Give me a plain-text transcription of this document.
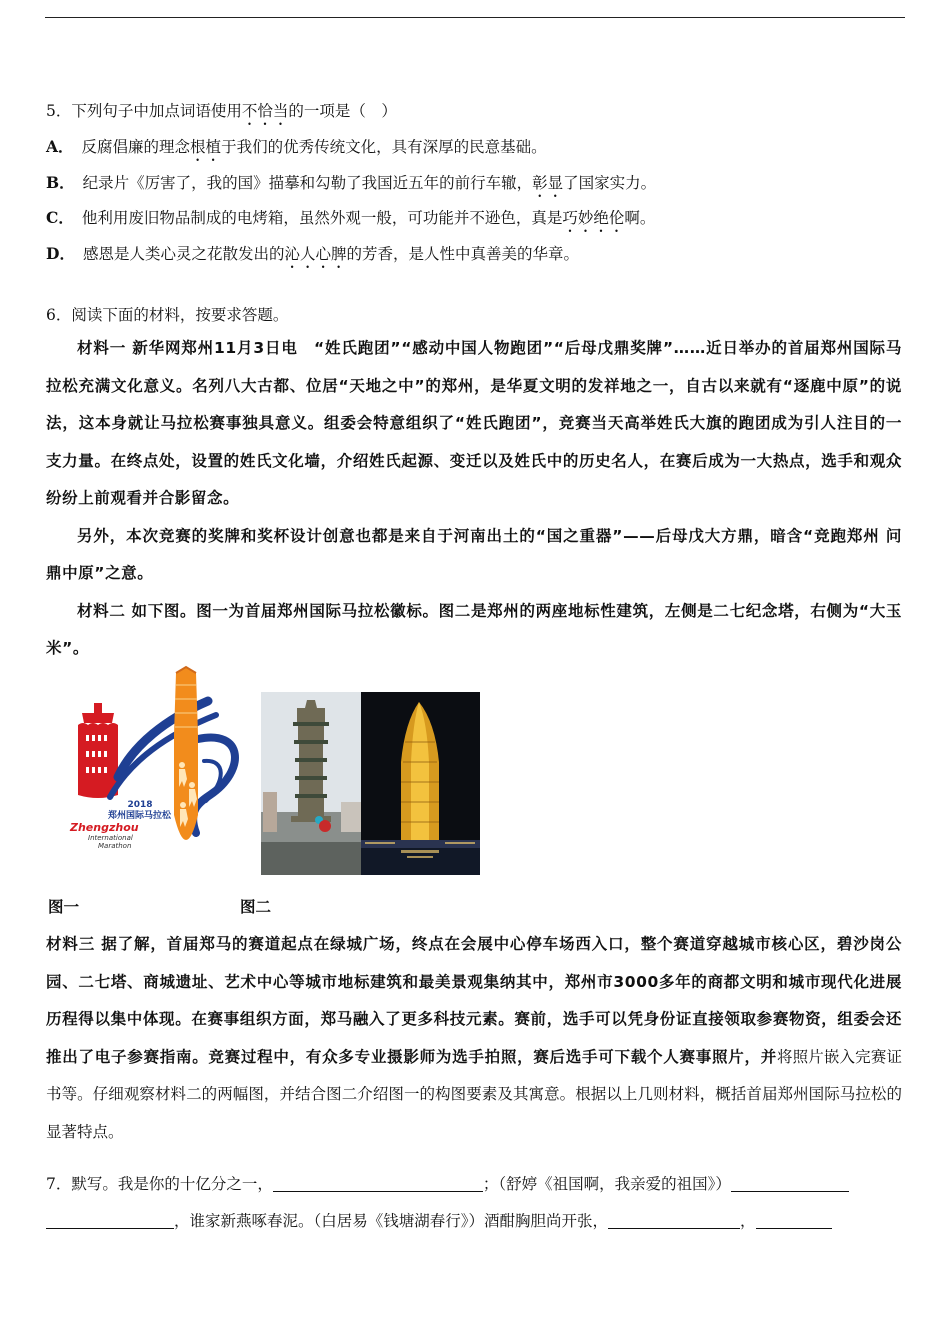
5．下列句子中加点词语使用不恰当的一项是（　）
A． 反腐倡廉的理念根植于我们的优秀传统文化，具有深厚的民意基础。
B． 纪录片《厉害了，我的国》描摹和勾勒了我国近五年的前行车辙，彰显了国家实力。
C． 他利用废旧物品制成的电烤箱，虽然外观一般，可功能并不逊色，真是巧妙绝伦啊。
D． 感恩是人类心灵之花散发出的沁人心脾的芳香，是人性中真善美的华章。
6．阅读下面的材料，按要求答题。

材料一 新华网郑州11月3日电　“姓氏跑团”“感动中国人物跑团”“后母戊鼎奖牌”……近日举办的首届郑州国际马拉松充满文化意义。名列八大古都、位居“天地之中”的郑州，是华夏文明的发祥地之一，自古以来就有“逐鹿中原”的说法，这本身就让马拉松赛事独具意义。组委会特意组织了“姓氏跑团”，竞赛当天高举姓氏大旗的跑团成为引人注目的一支力量。在终点处，设置的姓氏文化墙，介绍姓氏起源、变迁以及姓氏中的历史名人，在赛后成为一大热点，选手和观众纷纷上前观看并合影留念。

另外，本次竞赛的奖牌和奖杯设计创意也都是来自于河南出土的“国之重器”——后母戊大方鼎，暗含“竞跑郑州 问鼎中原”之意。

材料二 如下图。图一为首届郑州国际马拉松徽标。图二是郑州的两座地标性建筑，左侧是二七纪念塔，右侧为“大玉米”。

2018
郑州国际马拉松
Zhengzhou
International
Marathon
图一	图二
材料三 据了解，首届郑马的赛道起点在绿城广场，终点在会展中心停车场西入口，整个赛道穿越城市核心区，碧沙岗公园、二七塔、商城遗址、艺术中心等城市地标建筑和最美景观集纳其中，郑州市3000多年的商都文明和城市现代化进展历程得以集中体现。在赛事组织方面，郑马融入了更多科技元素。赛前，选手可以凭身份证直接领取参赛物资，组委会还推出了电子参赛指南。竞赛过程中，有众多专业摄影师为选手拍照，赛后选手可下载个人赛事照片，并将照片嵌入完赛证书等。仔细观察材料二的两幅图，并结合图二介绍图一的构图要素及其寓意。根据以上几则材料，概括首届郑州国际马拉松的显著特点。
7．默写。我是你的十亿分之一，	；（舒婷《祖国啊，我亲爱的祖国》）
，谁家新燕啄春泥。（白居易《钱塘湖春行》）酒酣胸胆尚开张，	，
